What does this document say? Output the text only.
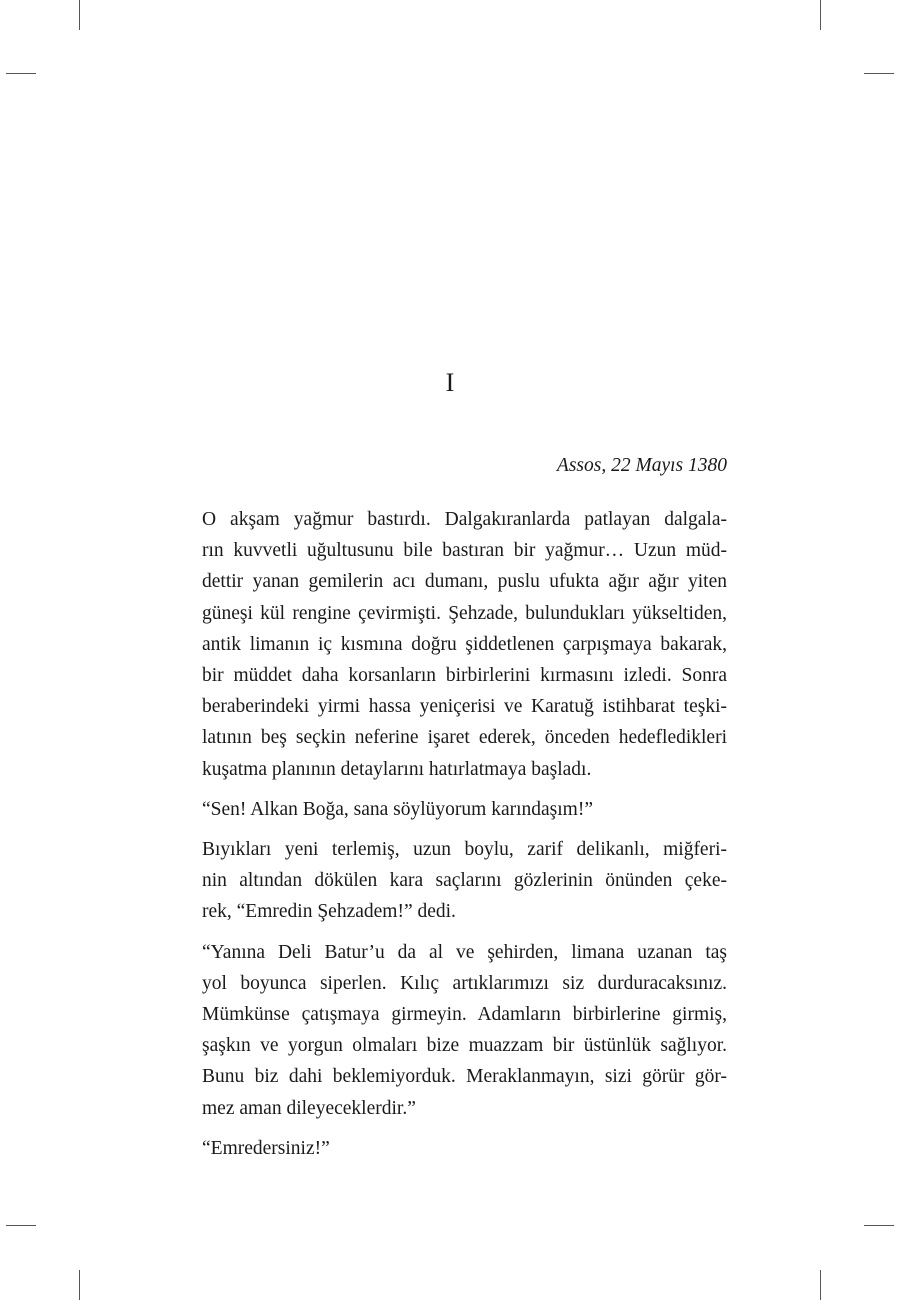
I
Assos, 22 Mayıs 1380

O akşam yağmur bastırdı. Dalgakıranlarda patlayan dalgala-
rın kuvvetli uğultusunu bile bastıran bir yağmur… Uzun müd-
dettir yanan gemilerin acı dumanı, puslu ufukta ağır ağır yiten
güneşi kül rengine çevirmişti. Şehzade, bulundukları yükseltiden,
antik limanın iç kısmına doğru şiddetlenen çarpışmaya bakarak,
bir müddet daha korsanların birbirlerini kırmasını izledi. Sonra
beraberindeki yirmi hassa yeniçerisi ve Karatuğ istihbarat teşki-
latının beş seçkin neferine işaret ederek, önceden hedefledikleri
kuşatma planının detaylarını hatırlatmaya başladı.

“Sen! Alkan Boğa, sana söylüyorum karındaşım!”

Bıyıkları yeni terlemiş, uzun boylu, zarif delikanlı, miğferi-
nin altından dökülen kara saçlarını gözlerinin önünden çeke-
rek, “Emredin Şehzadem!” dedi.

“Yanına Deli Batur’u da al ve şehirden, limana uzanan taş
yol boyunca siperlen. Kılıç artıklarımızı siz durduracaksınız.
Mümkünse çatışmaya girmeyin. Adamların birbirlerine girmiş,
şaşkın ve yorgun olmaları bize muazzam bir üstünlük sağlıyor.
Bunu biz dahi beklemiyorduk. Meraklanmayın, sizi görür gör-
mez aman dileyeceklerdir.”

“Emredersiniz!”
